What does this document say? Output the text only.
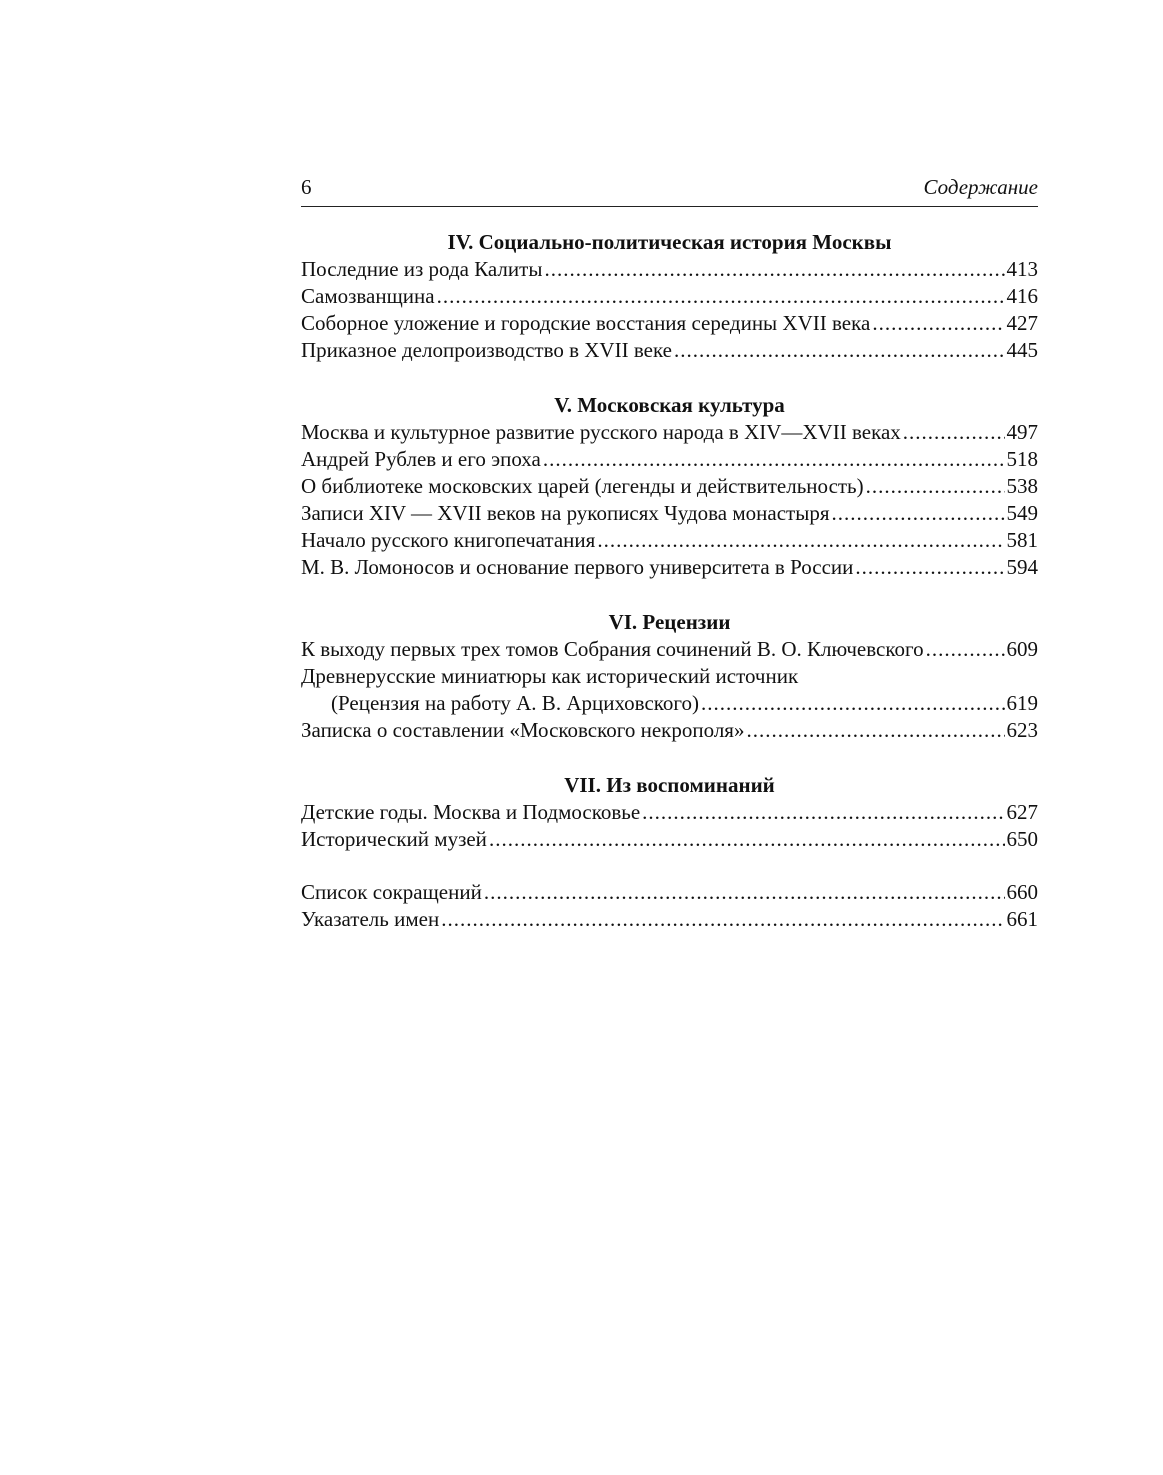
6	Содержание
IV. Социально-политическая история Москвы
Последние из рода Калиты .....	413
Самозванщина .....	416
Соборное уложение и городские восстания середины XVII века .....	427
Приказное делопроизводство в XVII веке .....	445
V. Московская культура
Москва и культурное развитие русского народа в XIV—XVII веках .....	497
Андрей Рублев и его эпоха .....	518
О библиотеке московских царей (легенды и действительность) .....	538
Записи XIV — XVII веков на рукописях Чудова монастыря .....	549
Начало русского книгопечатания .....	581
М. В. Ломоносов и основание первого университета в России .....	594
VI. Рецензии
К выходу первых трех томов Собрания сочинений В. О. Ключевского .....	609
Древнерусские миниатюры как исторический источник
(Рецензия на работу А. В. Арциховского) .....	619
Записка о составлении «Московского некрополя» .....	623
VII. Из воспоминаний
Детские годы. Москва и Подмосковье .....	627
Исторический музей .....	650
Список сокращений .....	660
Указатель имен .....	661
